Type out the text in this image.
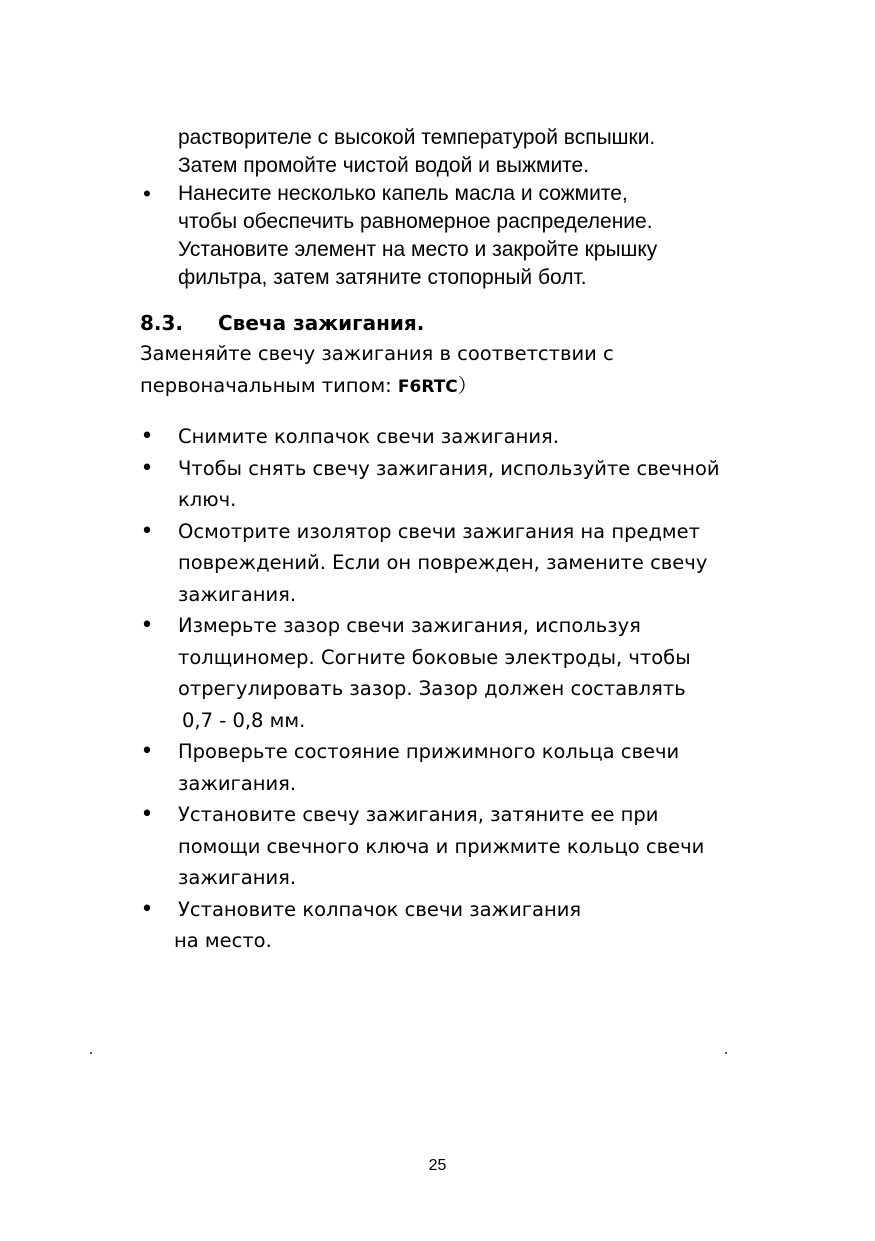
растворителе с высокой температурой вспышки.

Затем промойте чистой водой и выжмите.

• Нанесите несколько капель масла и сожмите,
чтобы обеспечить равномерное распределение.
Установите элемент на место и закройте крышку
фильтра, затем затяните стопорный болт.
8.3. Свеча зажигания.

Заменяйте свечу зажигания в соответствии с

первоначальным типом: F6RTC）

• Снимите колпачок свечи зажигания.
• Чтобы снять свечу зажигания, используйте свечной
ключ.
• Осмотрите изолятор свечи зажигания на предмет
повреждений. Если он поврежден, замените свечу
зажигания.
• Измерьте зазор свечи зажигания, используя
толщиномер. Согните боковые электроды, чтобы
отрегулировать зазор. Зазор должен составлять
0,7 - 0,8 мм.
• Проверьте состояние прижимного кольца свечи
зажигания.
• Установите свечу зажигания, затяните ее при
помощи свечного ключа и прижмите кольцо свечи
зажигания.
• Установите колпачок свечи зажигания
на место.
25
